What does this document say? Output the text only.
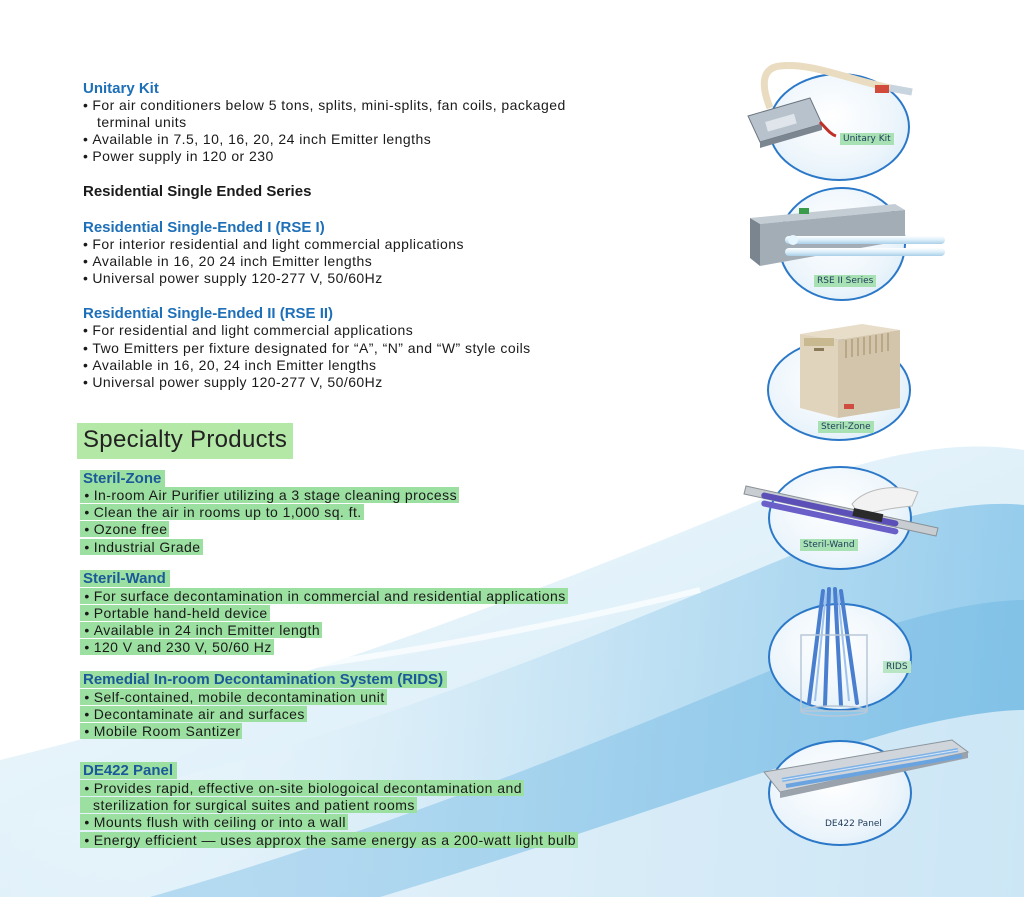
Unitary Kit
• For air conditioners below 5 tons, splits, mini-splits, fan coils, packaged
terminal units
• Available in 7.5, 10, 16, 20, 24 inch Emitter lengths
• Power supply in 120 or 230
Residential Single Ended Series
Residential Single-Ended I (RSE I)
• For interior residential and light commercial applications
• Available in 16, 20 24 inch Emitter lengths
• Universal power supply 120-277 V, 50/60Hz
Residential Single-Ended II (RSE II)
• For residential and light commercial applications
• Two Emitters per fixture designated for “A”, “N” and “W” style coils
• Available in 16, 20, 24 inch Emitter lengths
• Universal power supply 120-277 V, 50/60Hz
Specialty Products
Steril-Zone
• In-room Air Purifier utilizing a 3 stage cleaning process
• Clean the air in rooms up to 1,000 sq. ft.
• Ozone free
• Industrial Grade
Steril-Wand
• For surface decontamination in commercial and residential applications
• Portable hand-held device
• Available in 24 inch Emitter length
• 120 V and 230 V, 50/60 Hz
Remedial In-room Decontamination System (RIDS)
• Self-contained, mobile decontamination unit
• Decontaminate air and surfaces
• Mobile Room Santizer
DE422 Panel
• Provides rapid, effective on-site biologoical decontamination and
sterilization for surgical suites and patient rooms
• Mounts flush with ceiling or into a wall
• Energy efficient — uses approx the same energy as a 200-watt light bulb
Unitary Kit
RSE II Series
Steril-Zone
Steril-Wand
RIDS
DE422 Panel
